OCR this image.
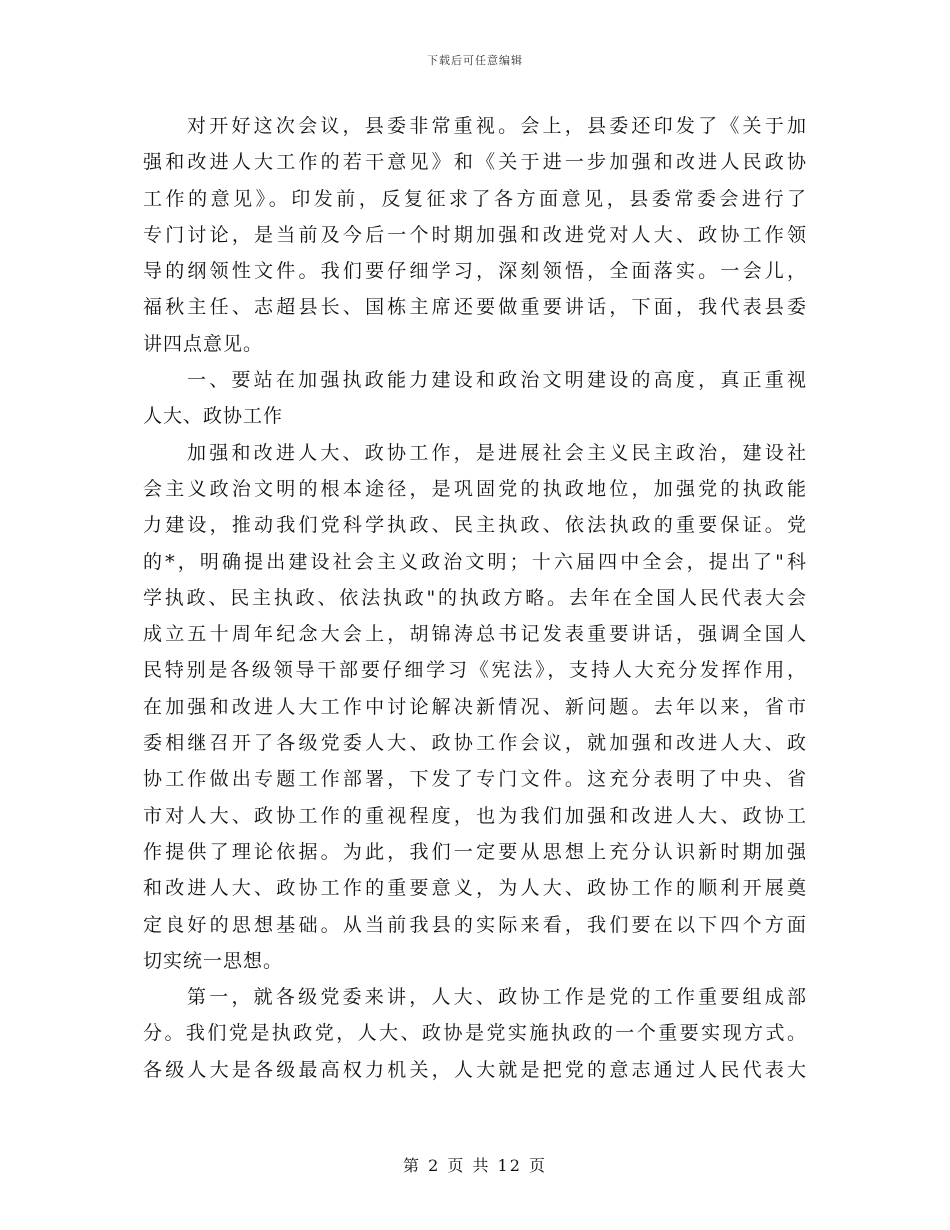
下载后可任意编辑
对开好这次会议，县委非常重视。会上，县委还印发了《关于加
强和改进人大工作的若干意见》和《关于进一步加强和改进人民政协
工作的意见》。印发前，反复征求了各方面意见，县委常委会进行了
专门讨论，是当前及今后一个时期加强和改进党对人大、政协工作领
导的纲领性文件。我们要仔细学习，深刻领悟，全面落实。一会儿，
福秋主任、志超县长、国栋主席还要做重要讲话，下面，我代表县委
讲四点意见。
一、要站在加强执政能力建设和政治文明建设的高度，真正重视
人大、政协工作
加强和改进人大、政协工作，是进展社会主义民主政治，建设社
会主义政治文明的根本途径，是巩固党的执政地位，加强党的执政能
力建设，推动我们党科学执政、民主执政、依法执政的重要保证。党
的*，明确提出建设社会主义政治文明；十六届四中全会，提出了"科
学执政、民主执政、依法执政"的执政方略。去年在全国人民代表大会
成立五十周年纪念大会上，胡锦涛总书记发表重要讲话，强调全国人
民特别是各级领导干部要仔细学习《宪法》，支持人大充分发挥作用，
在加强和改进人大工作中讨论解决新情况、新问题。去年以来，省市
委相继召开了各级党委人大、政协工作会议，就加强和改进人大、政
协工作做出专题工作部署，下发了专门文件。这充分表明了中央、省
市对人大、政协工作的重视程度，也为我们加强和改进人大、政协工
作提供了理论依据。为此，我们一定要从思想上充分认识新时期加强
和改进人大、政协工作的重要意义，为人大、政协工作的顺利开展奠
定良好的思想基础。从当前我县的实际来看，我们要在以下四个方面
切实统一思想。
第一，就各级党委来讲，人大、政协工作是党的工作重要组成部
分。我们党是执政党，人大、政协是党实施执政的一个重要实现方式。
各级人大是各级最高权力机关，人大就是把党的意志通过人民代表大
第 2 页 共 12 页
